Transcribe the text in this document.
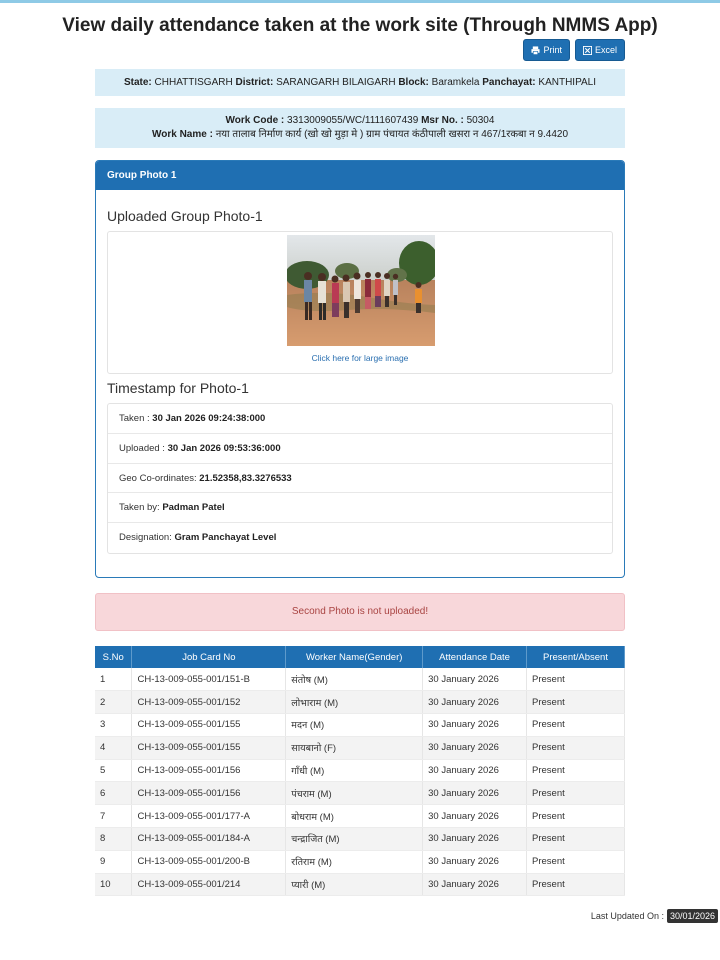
View daily attendance taken at the work site (Through NMMS App)
Print	Excel
State: CHHATTISGARH District: SARANGARH BILAIGARH Block: Baramkela Panchayat: KANTHIPALI
Work Code : 3313009055/WC/1111607439 Msr No. : 50304
Work Name : नया तालाब निर्माण कार्य (खो खो मुड़ा मे ) ग्राम पंचायत कंठीपाली खसरा न 467/1रकबा न 9.4420
Group Photo 1
Uploaded Group Photo-1
Click here for large image
Timestamp for Photo-1
Taken : 30 Jan 2026 09:24:38:000
Uploaded : 30 Jan 2026 09:53:36:000
Geo Co-ordinates: 21.52358,83.3276533
Taken by: Padman Patel
Designation: Gram Panchayat Level
Second Photo is not uploaded!
S.No	Job Card No	Worker Name(Gender)	Attendance Date	Present/Absent
1	CH-13-009-055-001/151-B	संतोष (M)	30 January 2026	Present
2	CH-13-009-055-001/152	लोभाराम (M)	30 January 2026	Present
3	CH-13-009-055-001/155	मदन (M)	30 January 2026	Present
4	CH-13-009-055-001/155	सायबानो (F)	30 January 2026	Present
5	CH-13-009-055-001/156	गाँधी (M)	30 January 2026	Present
6	CH-13-009-055-001/156	पंचराम (M)	30 January 2026	Present
7	CH-13-009-055-001/177-A	बोधराम (M)	30 January 2026	Present
8	CH-13-009-055-001/184-A	चन्द्राजित (M)	30 January 2026	Present
9	CH-13-009-055-001/200-B	रतिराम (M)	30 January 2026	Present
10	CH-13-009-055-001/214	प्यारी (M)	30 January 2026	Present
Last Updated On : 30/01/2026
